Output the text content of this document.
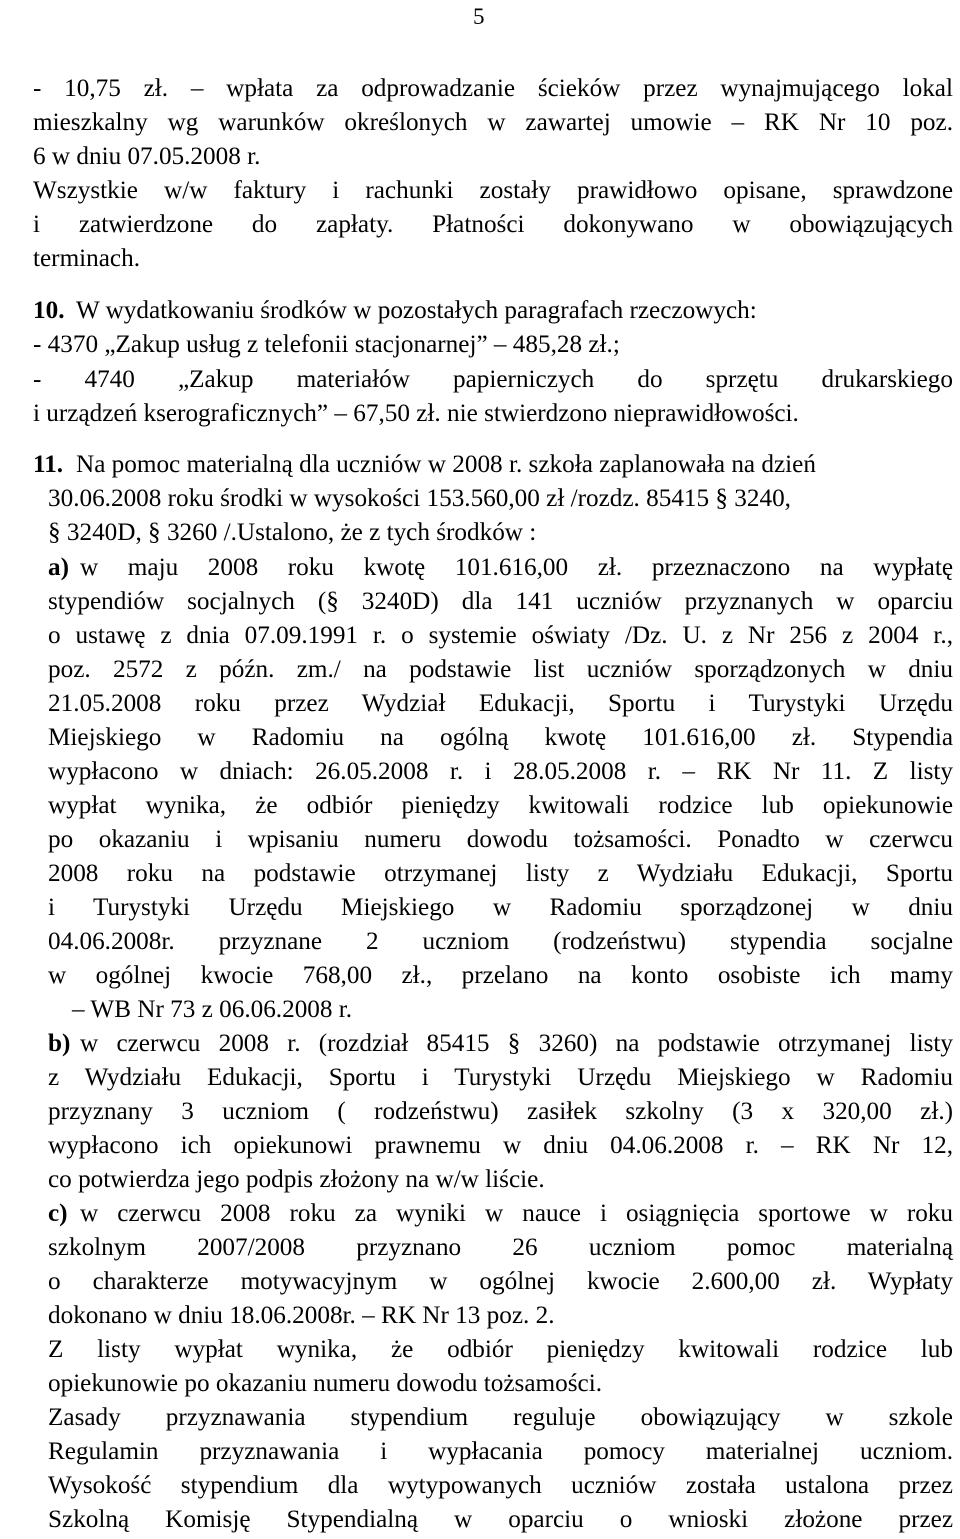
5
- 10,75 zł. – wpłata za odprowadzanie ścieków przez wynajmującego lokal
mieszkalny wg warunków określonych w zawartej umowie – RK Nr 10 poz.
6 w dniu 07.05.2008 r.
Wszystkie w/w faktury i rachunki zostały prawidłowo opisane, sprawdzone
i zatwierdzone do zapłaty. Płatności dokonywano w obowiązujących
terminach.
10. W wydatkowaniu środków w pozostałych paragrafach rzeczowych:
- 4370 „Zakup usług z telefonii stacjonarnej” – 485,28 zł.;
- 4740 „Zakup materiałów papierniczych do sprzętu drukarskiego
i urządzeń kserograficznych” – 67,50 zł. nie stwierdzono nieprawidłowości.
11. Na pomoc materialną dla uczniów w 2008 r. szkoła zaplanowała na dzień
30.06.2008 roku środki w wysokości 153.560,00 zł /rozdz. 85415 § 3240,
§ 3240D, § 3260 /.Ustalono, że z tych środków :
a) w maju 2008 roku kwotę 101.616,00 zł. przeznaczono na wypłatę
stypendiów socjalnych (§ 3240D) dla 141 uczniów przyznanych w oparciu
o ustawę z dnia 07.09.1991 r. o systemie oświaty /Dz. U. z Nr 256 z 2004 r.,
poz. 2572 z późn. zm./ na podstawie list uczniów sporządzonych w dniu
21.05.2008 roku przez Wydział Edukacji, Sportu i Turystyki Urzędu
Miejskiego w Radomiu na ogólną kwotę 101.616,00 zł. Stypendia
wypłacono w dniach: 26.05.2008 r. i 28.05.2008 r. – RK Nr 11. Z listy
wypłat wynika, że odbiór pieniędzy kwitowali rodzice lub opiekunowie
po okazaniu i wpisaniu numeru dowodu tożsamości. Ponadto w czerwcu
2008 roku na podstawie otrzymanej listy z Wydziału Edukacji, Sportu
i Turystyki Urzędu Miejskiego w Radomiu sporządzonej w dniu
04.06.2008r. przyznane 2 uczniom (rodzeństwu) stypendia socjalne
w ogólnej kwocie 768,00 zł., przelano na konto osobiste ich mamy
– WB Nr 73 z 06.06.2008 r.
b) w czerwcu 2008 r. (rozdział 85415 § 3260) na podstawie otrzymanej listy
z Wydziału Edukacji, Sportu i Turystyki Urzędu Miejskiego w Radomiu
przyznany 3 uczniom ( rodzeństwu) zasiłek szkolny (3 x 320,00 zł.)
wypłacono ich opiekunowi prawnemu w dniu 04.06.2008 r. – RK Nr 12,
co potwierdza jego podpis złożony na w/w liście.
c) w czerwcu 2008 roku za wyniki w nauce i osiągnięcia sportowe w roku
szkolnym 2007/2008 przyznano 26 uczniom pomoc materialną
o charakterze motywacyjnym w ogólnej kwocie 2.600,00 zł. Wypłaty
dokonano w dniu 18.06.2008r. – RK Nr 13 poz. 2.
Z listy wypłat wynika, że odbiór pieniędzy kwitowali rodzice lub
opiekunowie po okazaniu numeru dowodu tożsamości.
Zasady przyznawania stypendium reguluje obowiązujący w szkole
Regulamin przyznawania i wypłacania pomocy materialnej uczniom.
Wysokość stypendium dla wytypowanych uczniów została ustalona przez
Szkolną Komisję Stypendialną w oparciu o wnioski złożone przez
